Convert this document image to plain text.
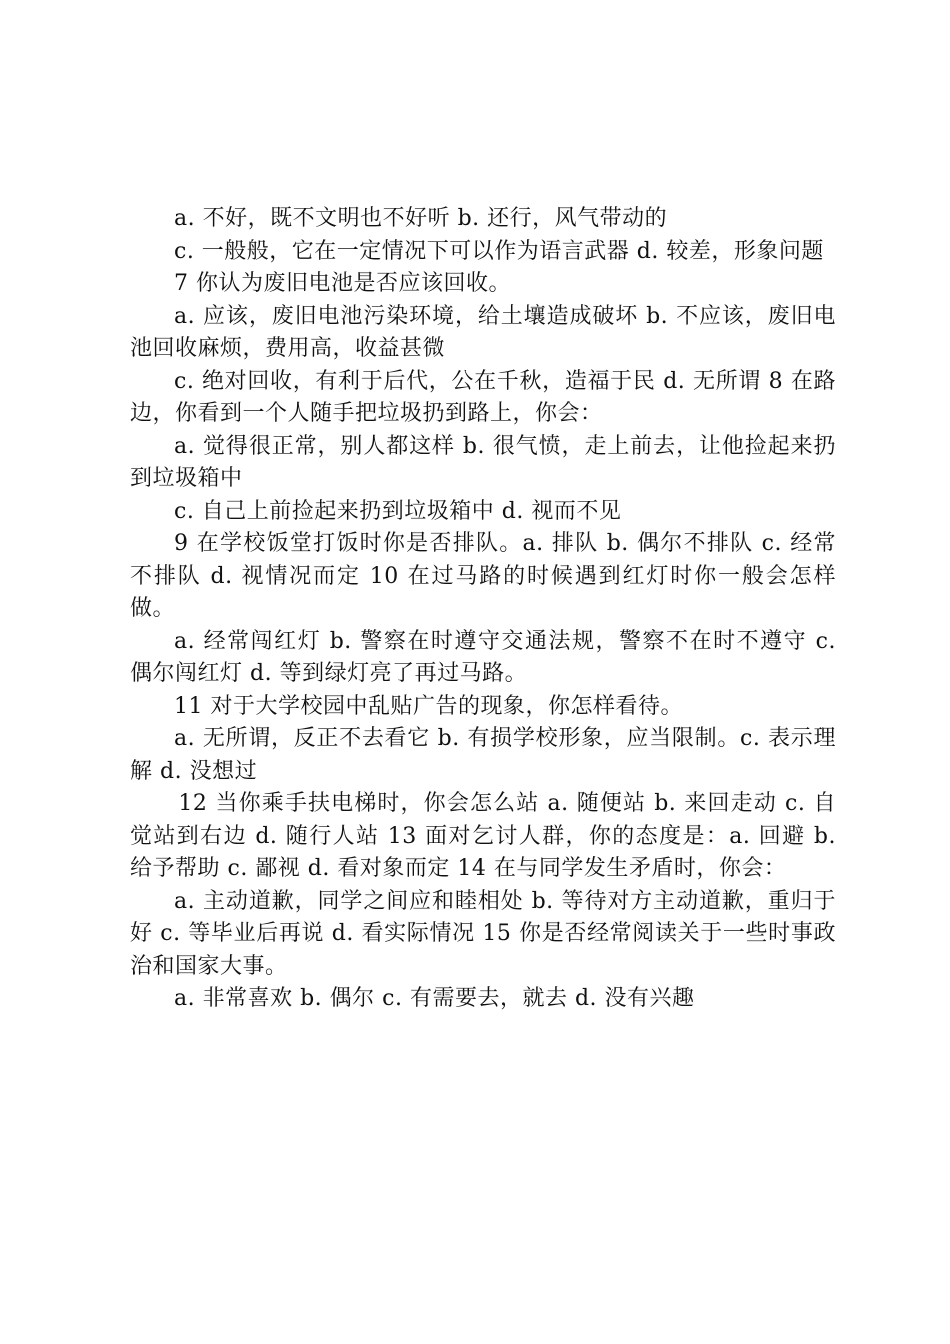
a. 不好，既不文明也不好听 b. 还行，风气带动的

c. 一般般，它在一定情况下可以作为语言武器 d. 较差，形象问题

7 你认为废旧电池是否应该回收。

a. 应该，废旧电池污染环境，给土壤造成破坏 b. 不应该，废旧电池回收麻烦，费用高，收益甚微

c. 绝对回收，有利于后代，公在千秋，造福于民 d. 无所谓 8 在路边，你看到一个人随手把垃圾扔到路上，你会：

a. 觉得很正常，别人都这样 b. 很气愤，走上前去，让他捡起来扔到垃圾箱中

c. 自己上前捡起来扔到垃圾箱中 d. 视而不见

9 在学校饭堂打饭时你是否排队。a. 排队 b. 偶尔不排队 c. 经常不排队 d. 视情况而定 10 在过马路的时候遇到红灯时你一般会怎样做。

a. 经常闯红灯 b. 警察在时遵守交通法规，警察不在时不遵守 c. 偶尔闯红灯 d. 等到绿灯亮了再过马路。

11 对于大学校园中乱贴广告的现象，你怎样看待。

a. 无所谓，反正不去看它 b. 有损学校形象，应当限制。c. 表示理解 d. 没想过

12 当你乘手扶电梯时，你会怎么站 a. 随便站 b. 来回走动 c. 自觉站到右边 d. 随行人站 13 面对乞讨人群，你的态度是：a. 回避 b. 给予帮助 c. 鄙视 d. 看对象而定 14 在与同学发生矛盾时，你会：

a. 主动道歉，同学之间应和睦相处 b. 等待对方主动道歉，重归于好 c. 等毕业后再说 d. 看实际情况 15 你是否经常阅读关于一些时事政治和国家大事。

a. 非常喜欢 b. 偶尔 c. 有需要去，就去 d. 没有兴趣
